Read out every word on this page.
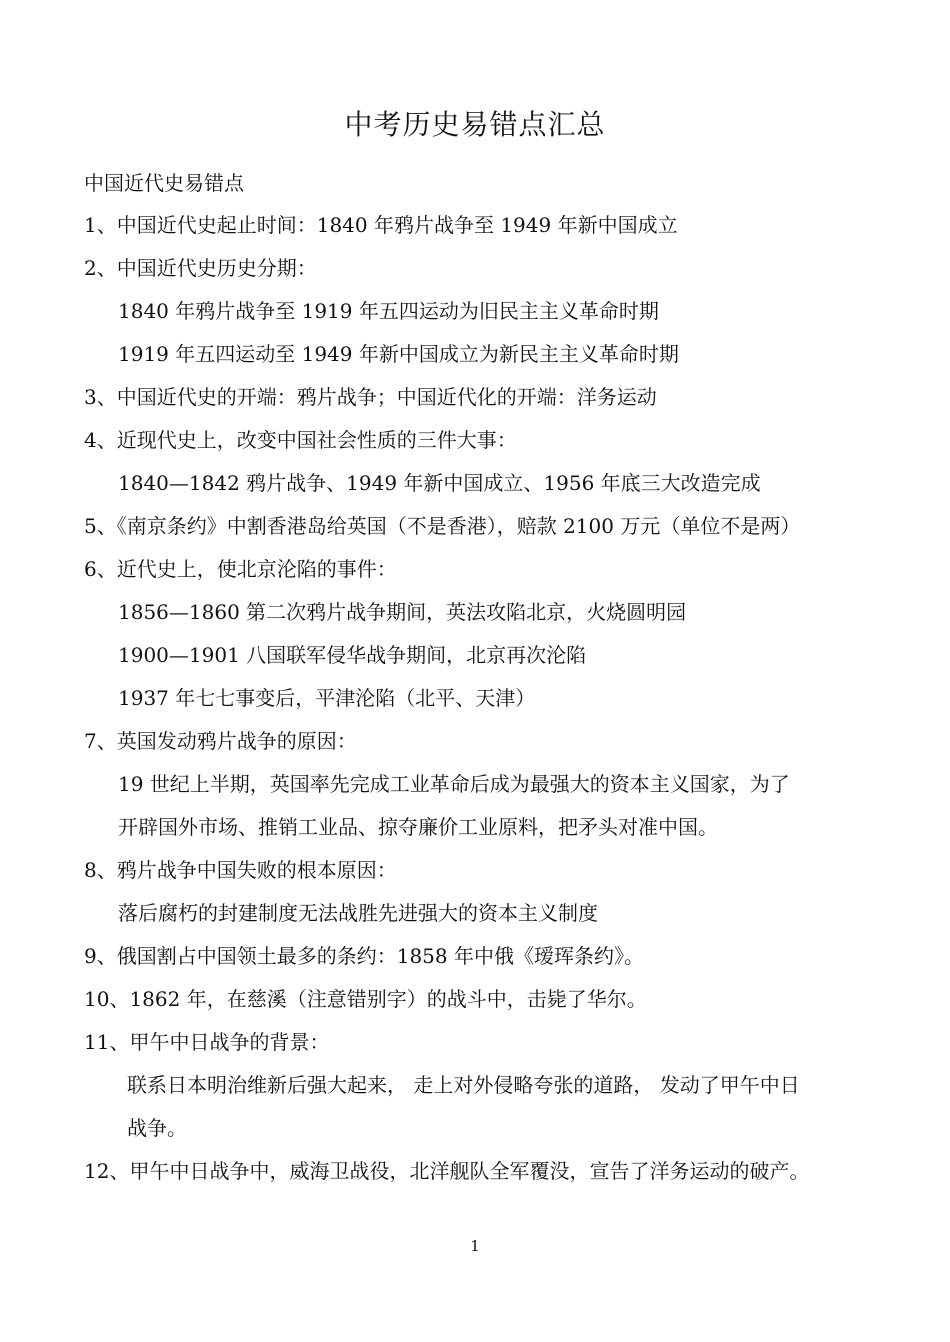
中考历史易错点汇总
中国近代史易错点
1、中国近代史起止时间：1840 年鸦片战争至 1949 年新中国成立
2、中国近代史历史分期：
1840 年鸦片战争至 1919 年五四运动为旧民主主义革命时期
1919 年五四运动至 1949 年新中国成立为新民主主义革命时期
3、中国近代史的开端：鸦片战争；中国近代化的开端：洋务运动
4、近现代史上，改变中国社会性质的三件大事：
1840—1842 鸦片战争、1949 年新中国成立、1956 年底三大改造完成
5、《南京条约》中割香港岛给英国（不是香港），赔款 2100 万元（单位不是两）
6、近代史上，使北京沦陷的事件：
1856—1860 第二次鸦片战争期间，英法攻陷北京，火烧圆明园
1900—1901 八国联军侵华战争期间，北京再次沦陷
1937 年七七事变后，平津沦陷（北平、天津）
7、英国发动鸦片战争的原因：
19 世纪上半期，英国率先完成工业革命后成为最强大的资本主义国家，为了
开辟国外市场、推销工业品、掠夺廉价工业原料，把矛头对准中国。
8、鸦片战争中国失败的根本原因：
落后腐朽的封建制度无法战胜先进强大的资本主义制度
9、俄国割占中国领土最多的条约：1858 年中俄《瑷珲条约》。
10、1862 年，在慈溪（注意错别字）的战斗中，击毙了华尔。
11、甲午中日战争的背景：
联系日本明治维新后强大起来， 走上对外侵略夸张的道路， 发动了甲午中日
战争。
12、甲午中日战争中，威海卫战役，北洋舰队全军覆没，宣告了洋务运动的破产。
1
